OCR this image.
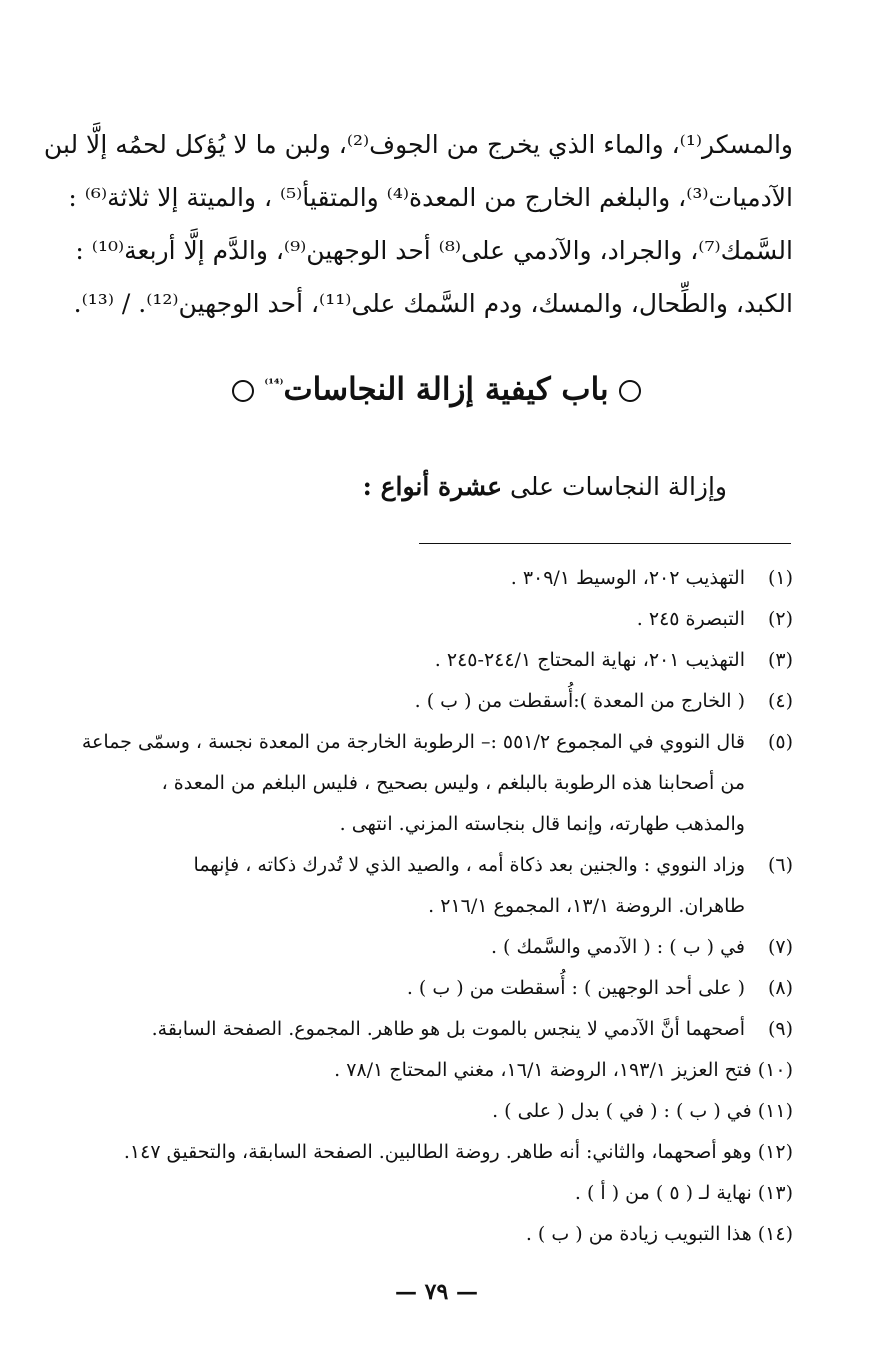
والمسكر⁽¹⁾، والماء الذي يخرج من الجوف⁽²⁾، ولبن ما لا يُؤكل لحمُه إلَّا لبن
الآدميات⁽³⁾، والبلغم الخارج من المعدة⁽⁴⁾ والمتقيأ⁽⁵⁾ ، والميتة إلا ثلاثة⁽⁶⁾ :
السَّمك⁽⁷⁾، والجراد، والآدمي على⁽⁸⁾ أحد الوجهين⁽⁹⁾، والدَّم إلَّا أربعة⁽¹⁰⁾ :
الكبد، والطِّحال، والمسك، ودم السَّمك على⁽¹¹⁾، أحد الوجهين⁽¹²⁾. / ⁽¹³⁾.
باب كيفية إزالة النجاسات$^{^{(14)}}$
وإزالة النجاسات على عشرة أنواع :
(١)
التهذيب ٢٠٢، الوسيط ٣٠٩/١ .
(٢)
التبصرة ٢٤٥ .
(٣)
التهذيب ٢٠١، نهاية المحتاج ٢٤٤/١-٢٤٥ .
(٤)
( الخارج من المعدة ):أُسقطت من ( ب ) .
(٥)
قال النووي في المجموع ٥٥١/٢ :– الرطوبة الخارجة من المعدة نجسة ، وسمّى جماعة
من أصحابنا هذه الرطوبة بالبلغم ، وليس بصحيح ، فليس البلغم من المعدة ،
والمذهب طهارته، وإنما قال بنجاسته المزني. انتهى .
(٦)
وزاد النووي : والجنين بعد ذكاة أمه ، والصيد الذي لا تُدرك ذكاته ، فإنهما
طاهران. الروضة ١٣/١، المجموع ٢١٦/١ .
(٧)
في ( ب ) : ( الآدمي والسَّمك ) .
(٨)
( على أحد الوجهين ) : أُسقطت من ( ب ) .
(٩)
أصحهما أنَّ الآدمي لا ينجس بالموت بل هو طاهر. المجموع. الصفحة السابقة.
(١٠)
فتح العزيز ١٩٣/١، الروضة ١٦/١، مغني المحتاج ٧٨/١ .
(١١)
في ( ب ) : ( في ) بدل ( على ) .
(١٢)
وهو أصحهما، والثاني: أنه طاهر. روضة الطالبين. الصفحة السابقة، والتحقيق ١٤٧.
(١٣)
نهاية لـ ( ٥ ) من ( أ ) .
(١٤)
هذا التبويب زيادة من ( ب ) .
— ٧٩ —
